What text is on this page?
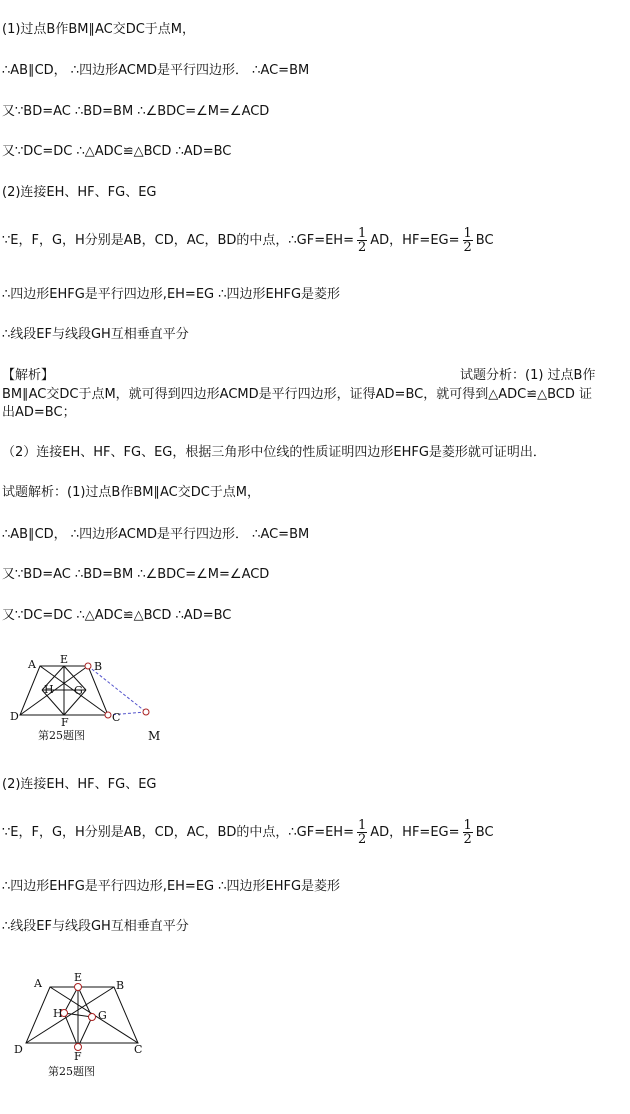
(1)过点B作BM∥AC交DC于点M，
∴AB∥CD， ∴四边形ACMD是平行四边形． ∴AC=BM
又∵BD=AC ∴BD=BM ∴∠BDC=∠M=∠ACD
又∵DC=DC ∴△ADC≌△BCD ∴AD=BC
(2)连接EH、HF、FG、EG
∵E，F，G，H分别是AB，CD，AC，BD的中点，∴GF=EH= $\frac{1}{2}$ AD，$HF=EG= \frac{1}{2}$ BC
∴四边形EHFG是平行四边形,EH=EG ∴四边形EHFG是菱形
∴线段EF与线段GH互相垂直平分
【解析】	试题分析：(1) 过点B作
BM∥AC交DC于点M，就可得到四边形ACMD是平行四边形，证得AD=BC，就可得到△ADC≌△BCD 证
出AD=BC；
（2）连接EH、HF、FG、EG，根据三角形中位线的性质证明四边形EHFG是菱形就可证明出．
试题解析：(1)过点B作BM∥AC交DC于点M，
∴AB∥CD， ∴四边形ACMD是平行四边形． ∴AC=BM
又∵BD=AC ∴BD=BM ∴∠BDC=∠M=∠ACD
又∵DC=DC ∴△ADC≌△BCD ∴AD=BC
A E
B
H G
D	F	C
M
第25题图
(2)连接EH、HF、FG、EG
∵E，F，G，H分别是AB，CD，AC，BD的中点，∴GF=EH= $\frac{1}{2}$ AD，$HF=EG= \frac{1}{2}$ BC
∴四边形EHFG是平行四边形,EH=EG ∴四边形EHFG是菱形
∴线段EF与线段GH互相垂直平分
A	E
B
H	G
D
F
C
第25题图
